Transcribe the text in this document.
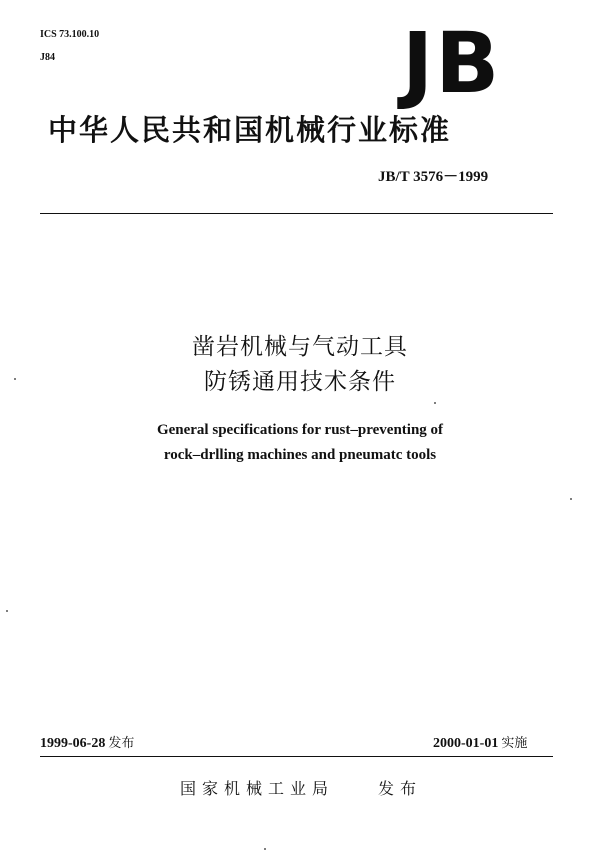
ICS 73.100.10
J84	JB
中华人民共和国机械行业标准
JB/T 3576－1999
凿岩机械与气动工具
防锈通用技术条件
General specifications for rust–preventing of
rock–drlling machines and pneumatc tools
1999-06-28 发布	2000-01-01 实施
国家机械工业局	发布
